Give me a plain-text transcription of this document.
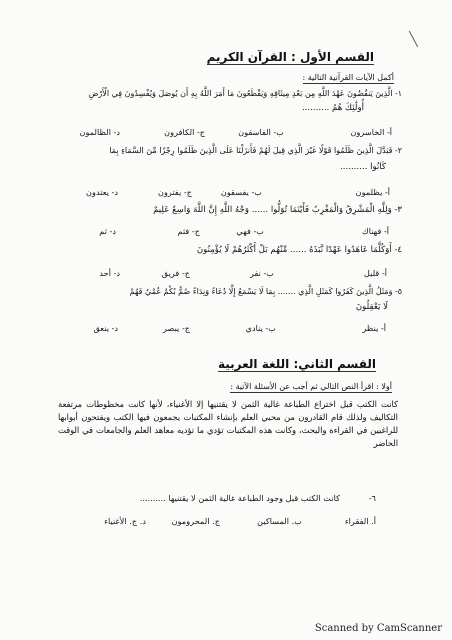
القسم الأول : القرآن الكريم
أكمل الآيات القرآنية التالية :
١- الَّذِينَ يَنقُضُونَ عَهْدَ اللَّهِ مِن بَعْدِ مِيثَاقِهِ وَيَقْطَعُونَ مَا أَمَرَ اللَّهُ بِهِ أَن يُوصَلَ وَيُفْسِدُونَ فِي الْأَرْضِ
أُولَٰئِكَ هُمُ ..........
أ- الخاسرون
ب- الفاسقون
ج- الكافرون
د- الظالمون
٢- فَبَدَّلَ الَّذِينَ ظَلَمُوا قَوْلًا غَيْرَ الَّذِي قِيلَ لَهُمْ فَأَنزَلْنَا عَلَى الَّذِينَ ظَلَمُوا رِجْزًا مِّنَ السَّمَاءِ بِمَا
كَانُوا ..........
أ- يظلمون
ب- يفسقون
ج- يفترون
د- يعتدون
٣- وَلِلَّهِ الْمَشْرِقُ وَالْمَغْرِبُ فَأَيْنَمَا تُوَلُّوا ...... وَجْهُ اللَّهِ إِنَّ اللَّهَ وَاسِعٌ عَلِيمٌ
أ- فهناك
ب- فهي
ج- فثم
د- ثم
٤- أَوَكُلَّمَا عَاهَدُوا عَهْدًا نَّبَذَهُ ...... مِّنْهُم بَلْ أَكْثَرُهُمْ لَا يُؤْمِنُونَ
أ- قليل
ب- نفر
ج- فريق
د- أحد
٥- وَمَثَلُ الَّذِينَ كَفَرُوا كَمَثَلِ الَّذِي ....... بِمَا لَا يَسْمَعُ إِلَّا دُعَاءً وَنِدَاءً صُمٌّ بُكْمٌ عُمْيٌ فَهُمْ
لَا يَعْقِلُونَ
أ- ينظر
ب- ينادي
ج- يبصر
د- ينعق
القسم الثاني: اللغة العربية
أولا : اقرأ النص التالي ثم أجب عن الأسئلة الآتية :
كانت الكتب قبل اختراع الطباعة غالية الثمن لا يقتنيها إلا الأغنياء، لأنها كانت مخطوطات مرتفعة التكاليف ولذلك قام القادرون من محبي العلم بإنشاء المكتبات يجمعون فيها الكتب ويفتحون أبوابها للراغبين في القراءة والبحث، وكانت هذه المكتبات تؤدي ما تؤديه معاهد العلم والجامعات في الوقت الحاضر
٦-
كانت الكتب قبل وجود الطباعة غالية الثمن لا يقتنيها ..........
أ. الفقراء
ب. المساكين
ج. المحرومون
د. ج. الأغنياء
Scanned by CamScanner
